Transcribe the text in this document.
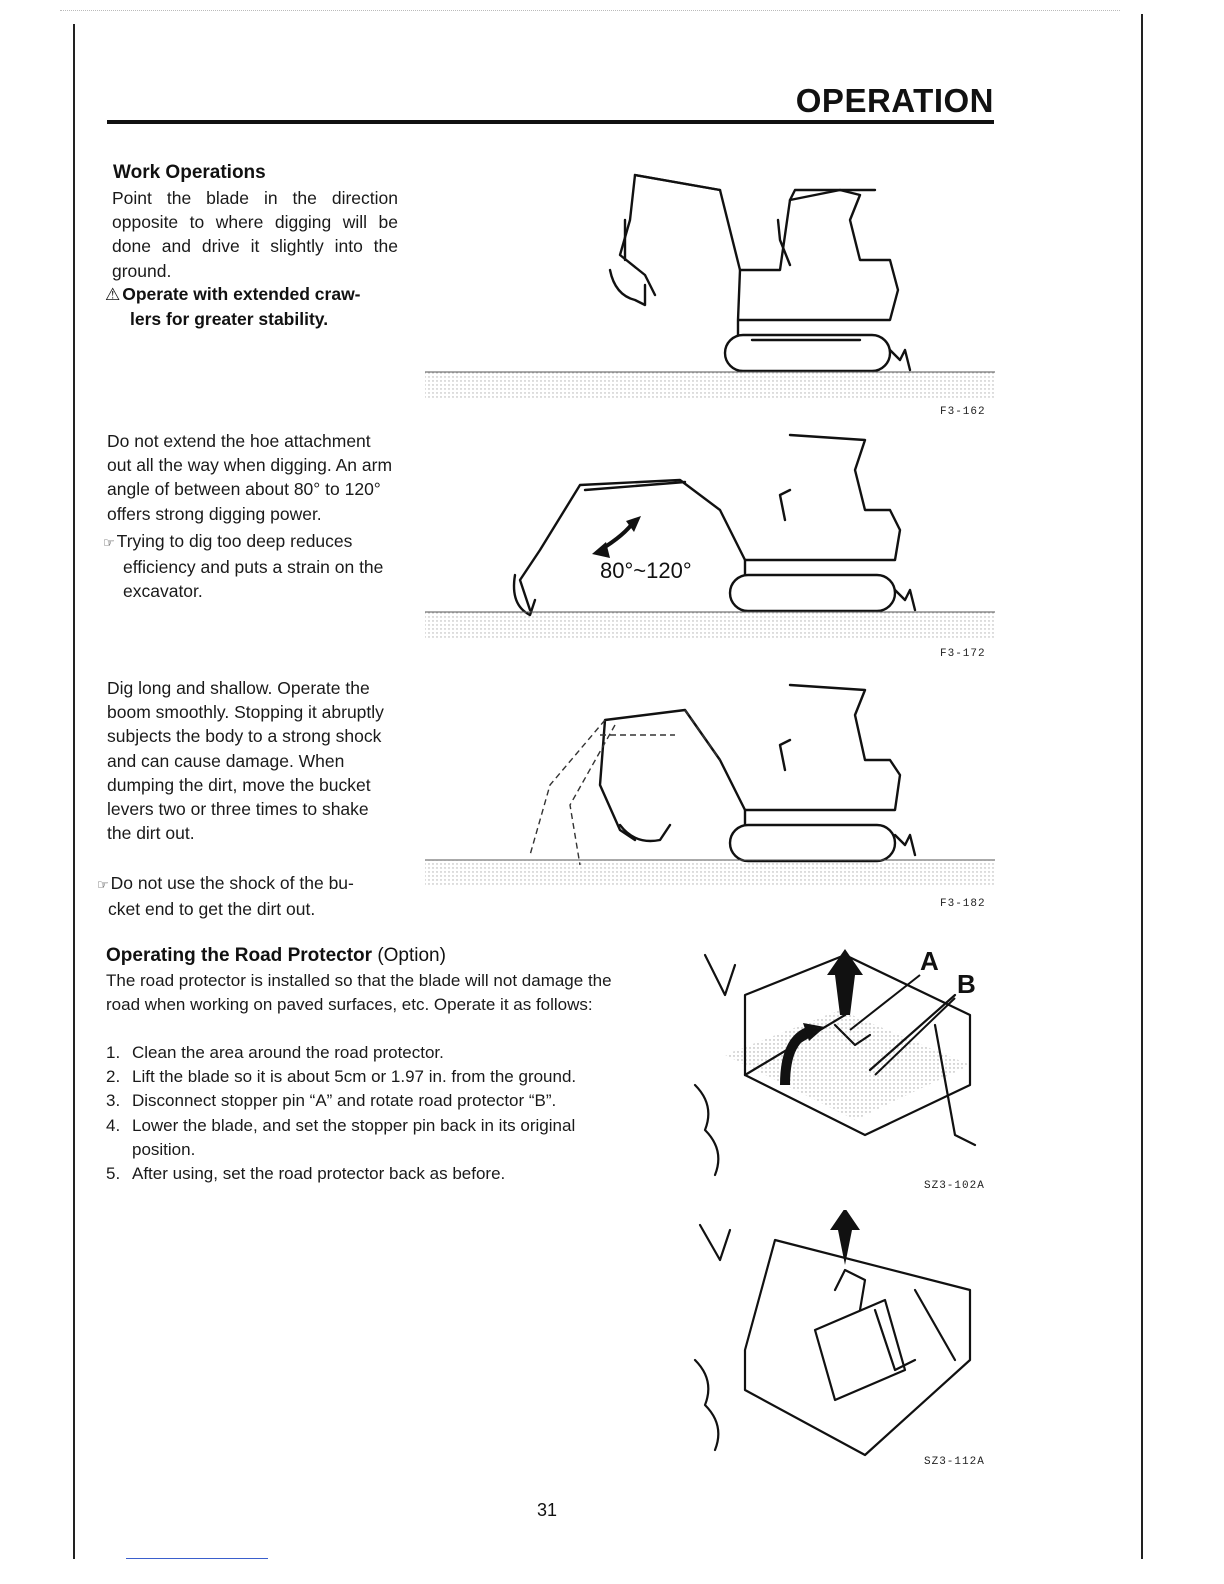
OPERATION
Work Operations

Point the blade in the direction opposite to where digging will be done and drive it slightly into the ground.

⚠ Operate with extended craw-
lers for greater stability.

Do not extend the hoe attachment out all the way when digging. An arm angle of between about 80° to 120° offers strong digging power.

☞ Trying to dig too deep reduces
efficiency and puts a strain on the excavator.

Dig long and shallow. Operate the boom smoothly. Stopping it abruptly subjects the body to a strong shock and can cause damage. When dumping the dirt, move the bucket levers two or three times to shake the dirt out.

☞ Do not use the shock of the bu-
cket end to get the dirt out.
Operating the Road Protector (Option)

The road protector is installed so that the blade will not damage the road when working on paved surfaces, etc. Operate it as follows:

1. Clean the area around the road protector.
2. Lift the blade so it is about 5cm or 1.97 in. from the ground.
3. Disconnect stopper pin “A” and rotate road protector “B”.
4. Lower the blade, and set the stopper pin back in its original position.
5. After using, set the road protector back as before.
F3-162
80°~120°
F3-172
F3-182
A
B
SZ3-102A
SZ3-112A
31
